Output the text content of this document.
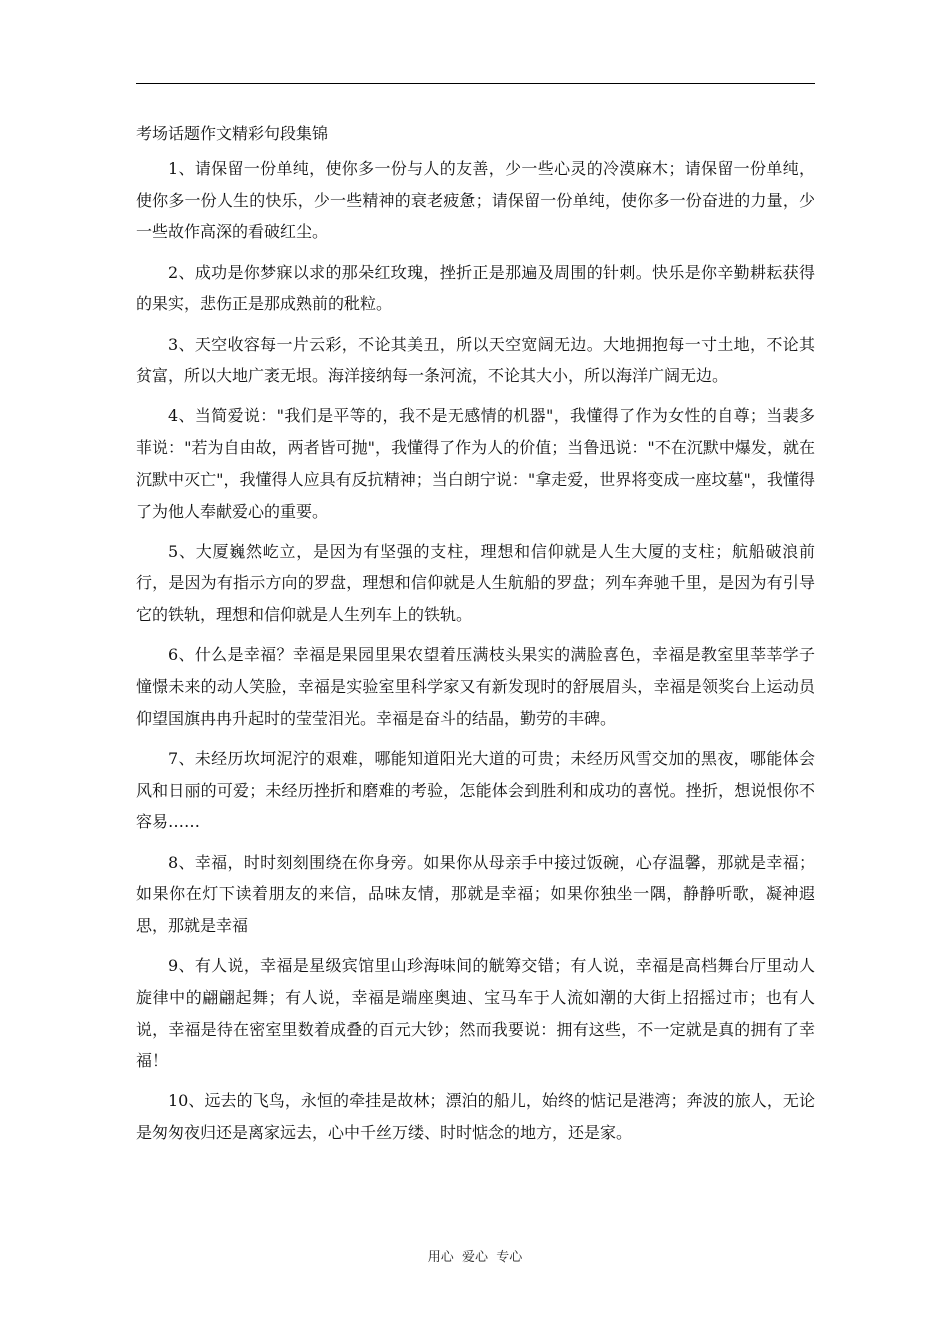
考场话题作文精彩句段集锦

1、请保留一份单纯，使你多一份与人的友善，少一些心灵的冷漠麻木；请保留一份单纯，使你多一份人生的快乐，少一些精神的衰老疲惫；请保留一份单纯，使你多一份奋进的力量，少一些故作高深的看破红尘。

2、成功是你梦寐以求的那朵红玫瑰，挫折正是那遍及周围的针刺。快乐是你辛勤耕耘获得的果实，悲伤正是那成熟前的秕粒。

3、天空收容每一片云彩，不论其美丑，所以天空宽阔无边。大地拥抱每一寸土地，不论其贫富，所以大地广袤无垠。海洋接纳每一条河流，不论其大小，所以海洋广阔无边。

4、当简爱说："我们是平等的，我不是无感情的机器"，我懂得了作为女性的自尊；当裴多菲说："若为自由故，两者皆可抛"，我懂得了作为人的价值；当鲁迅说："不在沉默中爆发，就在沉默中灭亡"，我懂得人应具有反抗精神；当白朗宁说："拿走爱，世界将变成一座坟墓"，我懂得了为他人奉献爱心的重要。

5、大厦巍然屹立，是因为有坚强的支柱，理想和信仰就是人生大厦的支柱；航船破浪前行，是因为有指示方向的罗盘，理想和信仰就是人生航船的罗盘；列车奔驰千里，是因为有引导它的铁轨，理想和信仰就是人生列车上的铁轨。

6、什么是幸福？幸福是果园里果农望着压满枝头果实的满脸喜色，幸福是教室里莘莘学子憧憬未来的动人笑脸，幸福是实验室里科学家又有新发现时的舒展眉头，幸福是领奖台上运动员仰望国旗冉冉升起时的莹莹泪光。幸福是奋斗的结晶，勤劳的丰碑。

7、未经历坎坷泥泞的艰难，哪能知道阳光大道的可贵；未经历风雪交加的黑夜，哪能体会风和日丽的可爱；未经历挫折和磨难的考验，怎能体会到胜利和成功的喜悦。挫折，想说恨你不容易……

8、幸福，时时刻刻围绕在你身旁。如果你从母亲手中接过饭碗，心存温馨，那就是幸福；如果你在灯下读着朋友的来信，品味友情，那就是幸福；如果你独坐一隅，静静听歌，凝神遐思，那就是幸福

9、有人说，幸福是星级宾馆里山珍海味间的觥筹交错；有人说，幸福是高档舞台厅里动人旋律中的翩翩起舞；有人说，幸福是端座奥迪、宝马车于人流如潮的大街上招摇过市；也有人说，幸福是待在密室里数着成叠的百元大钞；然而我要说：拥有这些，不一定就是真的拥有了幸福！

10、远去的飞鸟，永恒的牵挂是故林；漂泊的船儿，始终的惦记是港湾；奔波的旅人，无论是匆匆夜归还是离家远去，心中千丝万缕、时时惦念的地方，还是家。

用心  爱心  专心
